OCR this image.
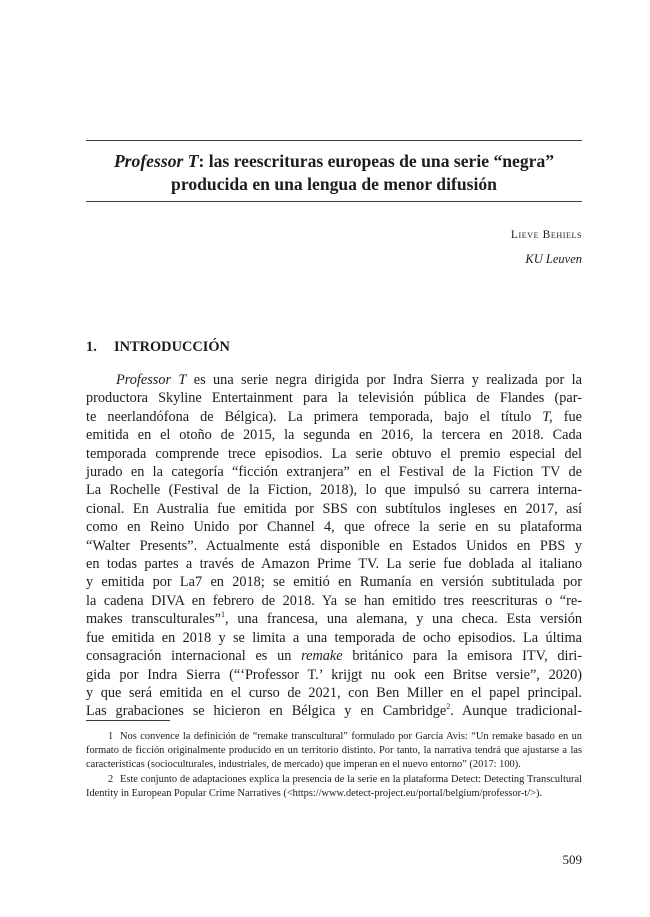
Professor T: las reescrituras europeas de una serie “negra”
producida en una lengua de menor difusión
Lieve Behiels
KU Leuven
1. INTRODUCCIÓN
Professor T es una serie negra dirigida por Indra Sierra y realizada por la
productora Skyline Entertainment para la televisión pública de Flandes (par-
te neerlandófona de Bélgica). La primera temporada, bajo el título T, fue
emitida en el otoño de 2015, la segunda en 2016, la tercera en 2018. Cada
temporada comprende trece episodios. La serie obtuvo el premio especial del
jurado en la categoría “ficción extranjera” en el Festival de la Fiction TV de
La Rochelle (Festival de la Fiction, 2018), lo que impulsó su carrera interna-
cional. En Australia fue emitida por SBS con subtítulos ingleses en 2017, así
como en Reino Unido por Channel 4, que ofrece la serie en su plataforma
“Walter Presents”. Actualmente está disponible en Estados Unidos en PBS y
en todas partes a través de Amazon Prime TV. La serie fue doblada al italiano
y emitida por La7 en 2018; se emitió en Rumanía en versión subtitulada por
la cadena DIVA en febrero de 2018. Ya se han emitido tres reescrituras o “re-
makes transculturales”$^1$, una francesa, una alemana, y una checa. Esta versión
fue emitida en 2018 y se limita a una temporada de ocho episodios. La última
consagración internacional es un remake británico para la emisora ITV, diri-
gida por Indra Sierra (“‘Professor T.’ krijgt nu ook een Britse versie”, 2020)
y que será emitida en el curso de 2021, con Ben Miller en el papel principal.
Las grabaciones se hicieron en Bélgica y en Cambridge$^2$. Aunque tradicional-

1 Nos convence la definición de “remake transcultural” formulado por García Avis: “Un remake basado en un formato de ficción originalmente producido en un territorio distinto. Por tanto, la narrativa tendrá que ajustarse a las características (socioculturales, industriales, de mercado) que imperan en el nuevo entorno” (2017: 100).

2 Este conjunto de adaptaciones explica la presencia de la serie en la plataforma Detect: Detecting Transcultural Identity in European Popular Crime Narratives (<https://www.detect-project.eu/portal/belgium/professor-t/>).

509
